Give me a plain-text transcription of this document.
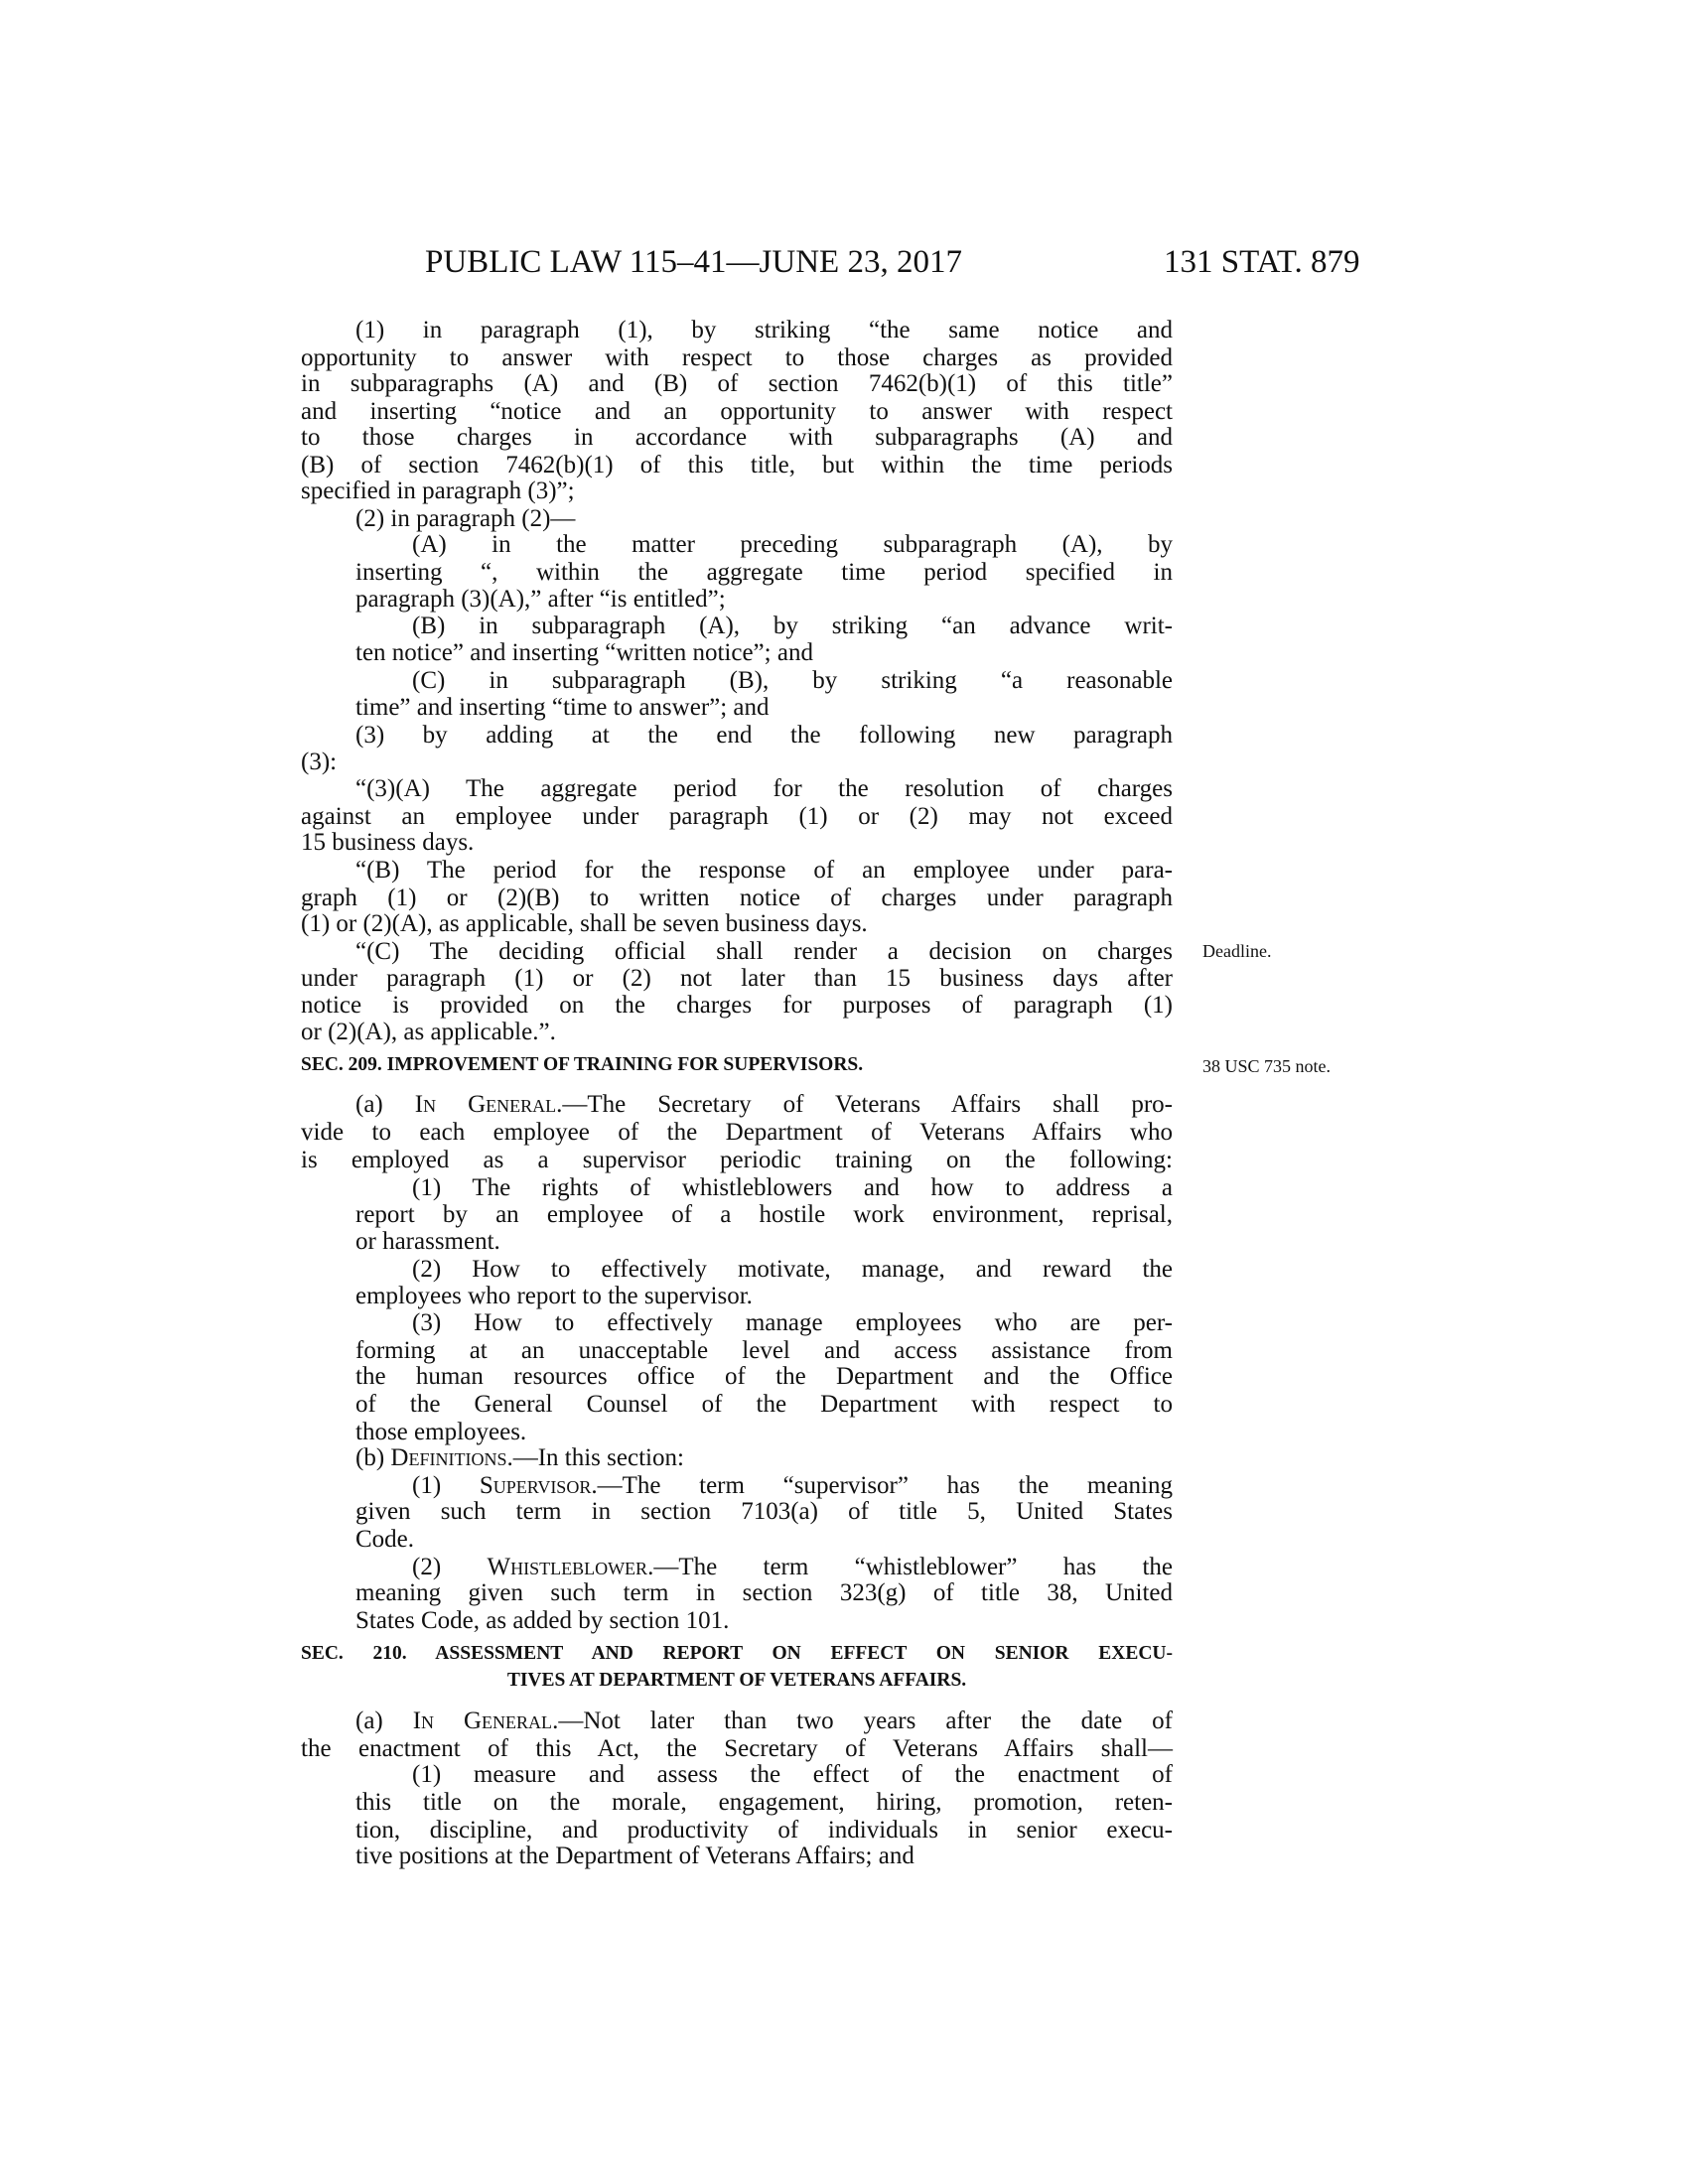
PUBLIC LAW 115–41—JUNE 23, 2017	131 STAT. 879
Deadline.
38 USC 735 note.
(1) in paragraph (1), by striking “the same notice and
opportunity to answer with respect to those charges as provided
in subparagraphs (A) and (B) of section 7462(b)(1) of this title”
and inserting “notice and an opportunity to answer with respect
to those charges in accordance with subparagraphs (A) and
(B) of section 7462(b)(1) of this title, but within the time periods
specified in paragraph (3)”;
(2) in paragraph (2)—
(A) in the matter preceding subparagraph (A), by
inserting “, within the aggregate time period specified in
paragraph (3)(A),” after “is entitled”;
(B) in subparagraph (A), by striking “an advance writ-
ten notice” and inserting “written notice”; and
(C) in subparagraph (B), by striking “a reasonable
time” and inserting “time to answer”; and
(3) by adding at the end the following new paragraph
(3):
“(3)(A) The aggregate period for the resolution of charges
against an employee under paragraph (1) or (2) may not exceed
15 business days.
“(B) The period for the response of an employee under para-
graph (1) or (2)(B) to written notice of charges under paragraph
(1) or (2)(A), as applicable, shall be seven business days.
“(C) The deciding official shall render a decision on charges
under paragraph (1) or (2) not later than 15 business days after
notice is provided on the charges for purposes of paragraph (1)
or (2)(A), as applicable.”.
SEC. 209. IMPROVEMENT OF TRAINING FOR SUPERVISORS.
(a) In General.—The Secretary of Veterans Affairs shall pro-
vide to each employee of the Department of Veterans Affairs who
is employed as a supervisor periodic training on the following:
(1) The rights of whistleblowers and how to address a
report by an employee of a hostile work environment, reprisal,
or harassment.
(2) How to effectively motivate, manage, and reward the
employees who report to the supervisor.
(3) How to effectively manage employees who are per-
forming at an unacceptable level and access assistance from
the human resources office of the Department and the Office
of the General Counsel of the Department with respect to
those employees.
(b) Definitions.—In this section:
(1) Supervisor.—The term “supervisor” has the meaning
given such term in section 7103(a) of title 5, United States
Code.
(2) Whistleblower.—The term “whistleblower” has the
meaning given such term in section 323(g) of title 38, United
States Code, as added by section 101.
SEC. 210. ASSESSMENT AND REPORT ON EFFECT ON SENIOR EXECU-
TIVES AT DEPARTMENT OF VETERANS AFFAIRS.
(a) In General.—Not later than two years after the date of
the enactment of this Act, the Secretary of Veterans Affairs shall—
(1) measure and assess the effect of the enactment of
this title on the morale, engagement, hiring, promotion, reten-
tion, discipline, and productivity of individuals in senior execu-
tive positions at the Department of Veterans Affairs; and
